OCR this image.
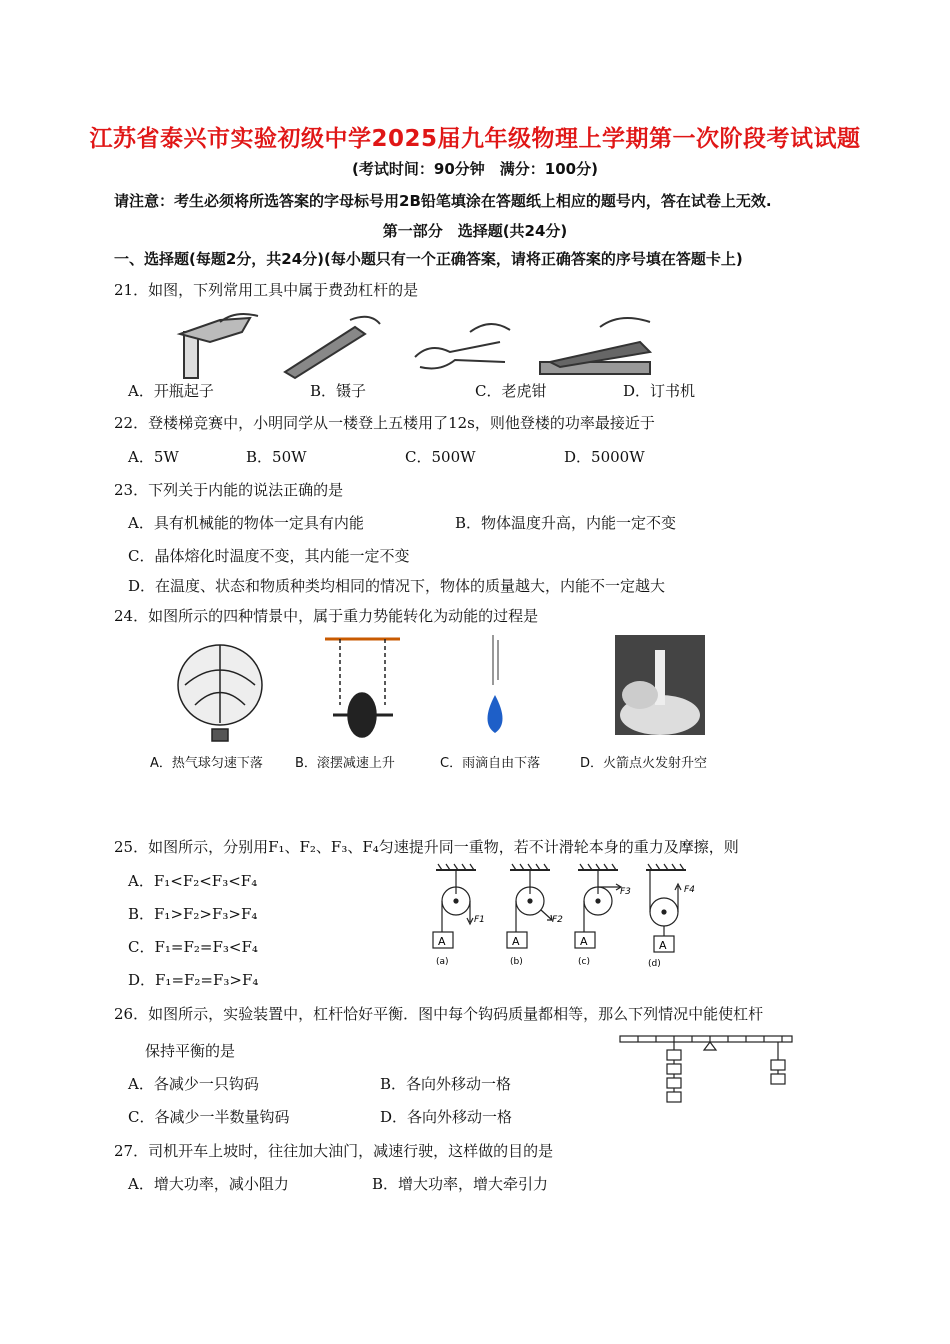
江苏省泰兴市实验初级中学2025届九年级物理上学期第一次阶段考试试题
(考试时间：90分钟　满分：100分)
请注意：考生必须将所选答案的字母标号用2B铅笔填涂在答题纸上相应的题号内，答在试卷上无效.
第一部分　选择题(共24分)
一、选择题(每题2分，共24分)(每小题只有一个正确答案，请将正确答案的序号填在答题卡上)
21．如图，下列常用工具中属于费劲杠杆的是
A．开瓶起子	B．镊子	C．老虎钳	D．订书机
22．登楼梯竞赛中，小明同学从一楼登上五楼用了12s，则他登楼的功率最接近于
A．5W	B．50W	C．500W	D．5000W
23．下列关于内能的说法正确的是
A．具有机械能的物体一定具有内能	B．物体温度升高，内能一定不变
C．晶体熔化时温度不变，其内能一定不变
D．在温度、状态和物质种类均相同的情况下，物体的质量越大，内能不一定越大
24．如图所示的四种情景中，属于重力势能转化为动能的过程是
A．热气球匀速下落 B．滚摆减速上升	C．雨滴自由下落	D．火箭点火发射升空
25．如图所示，分别用F₁、F₂、F₃、F₄匀速提升同一重物，若不计滑轮本身的重力及摩擦，则
A．F₁<F₂<F₃<F₄
B．F₁>F₂>F₃>F₄
C．F₁=F₂=F₃<F₄
D．F₁=F₂=F₃>F₄
A
F1
(a)
A
F2
(b)
A
F3
(c)
A
F4
(d)
26．如图所示，实验装置中，杠杆恰好平衡．图中每个钩码质量都相等，那么下列情况中能使杠杆
保持平衡的是
A．各减少一只钩码	B．各向外移动一格
C．各减少一半数量钩码	D．各向外移动一格
27．司机开车上坡时，往往加大油门，减速行驶，这样做的目的是
A．增大功率，减小阻力	B．增大功率，增大牵引力
